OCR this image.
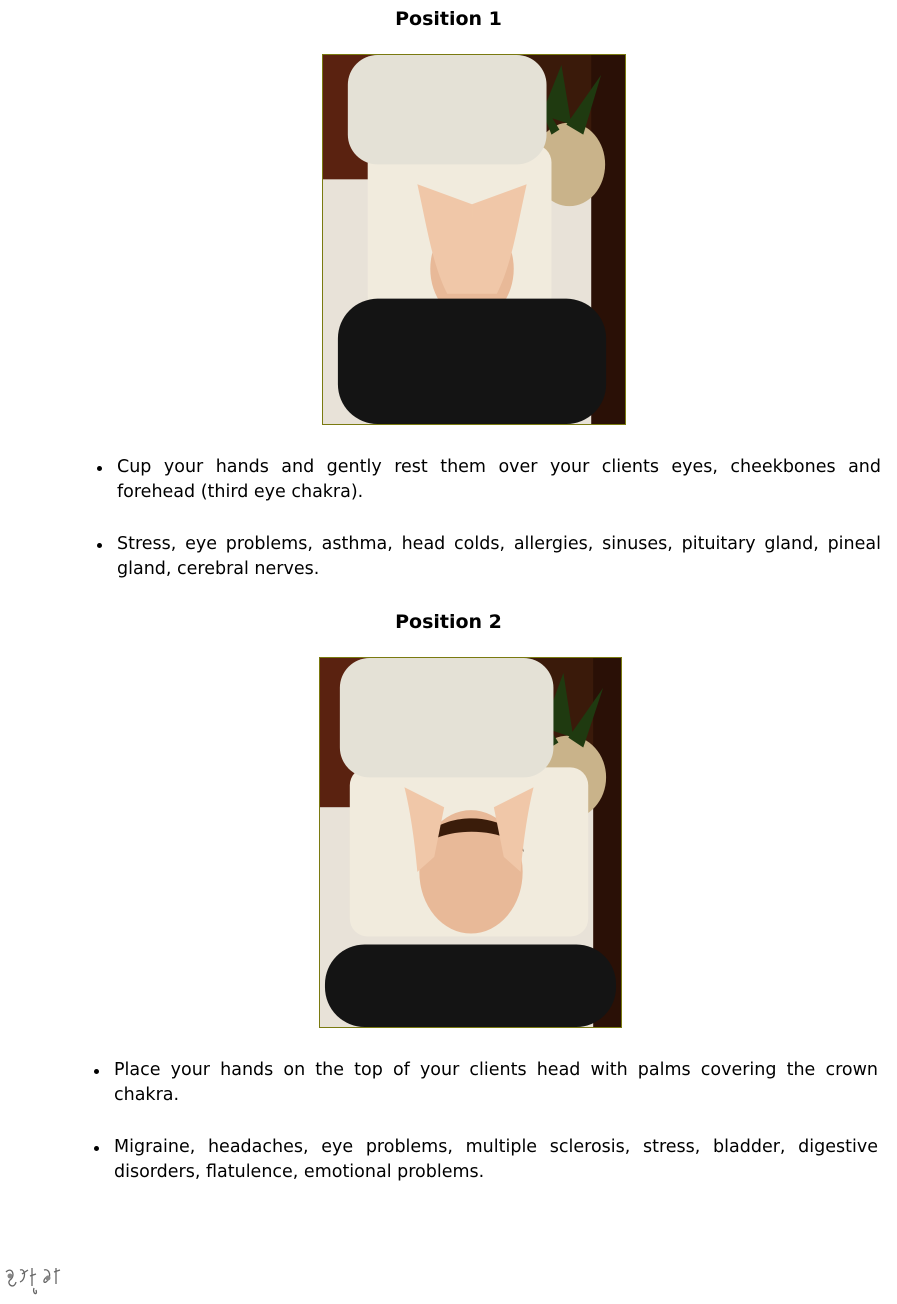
Position 1
Cup your hands and gently rest them over your clients eyes, cheekbones and forehead (third eye chakra).
Stress, eye problems, asthma, head colds, allergies, sinuses, pituitary gland, pineal gland, cerebral nerves.
Position 2
Place your hands on the top of your clients head with palms covering the crown chakra.
Migraine, headaches, eye problems, multiple sclerosis, stress, bladder, digestive disorders, flatulence, emotional problems.
